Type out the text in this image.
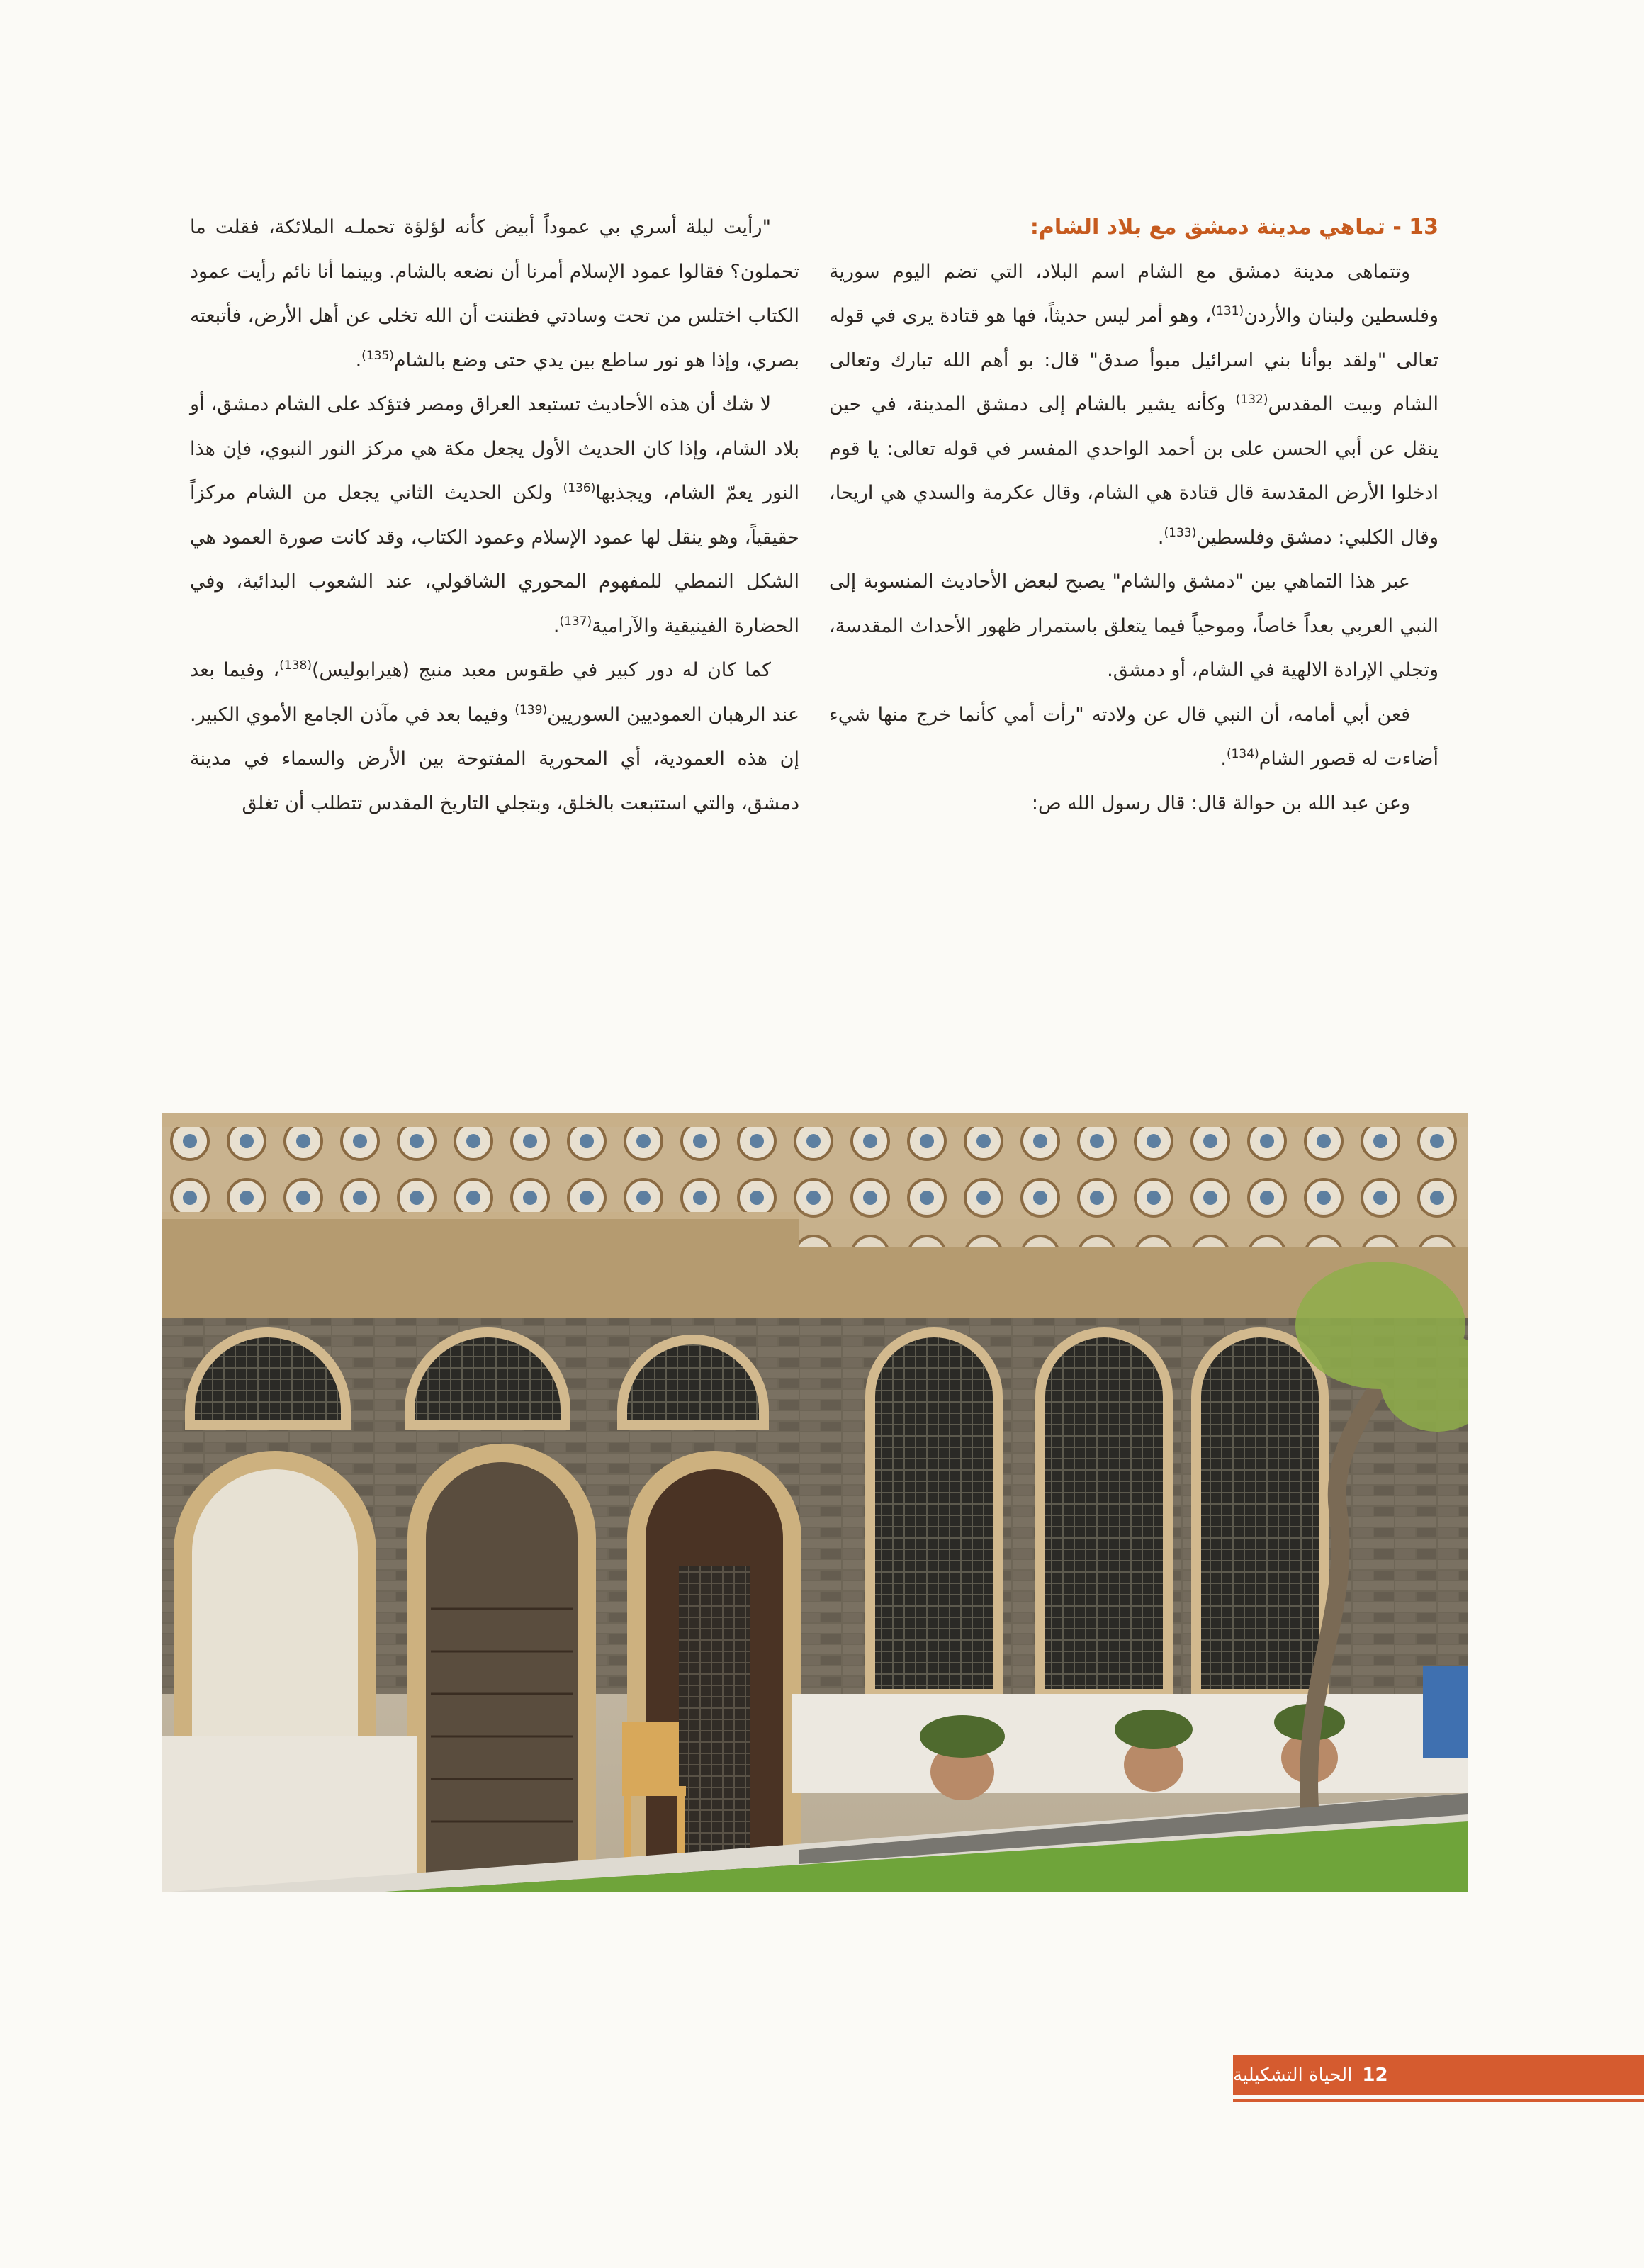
13 - تماهي مدينة دمشق مع بلاد الشام:

وتتماهى مدينة دمشق مع الشام اسم البلاد، التي تضم اليوم سورية وفلسطين ولبنان والأردن$^{(131)}$، وهو أمر ليس حديثاً، فها هو قتادة يرى في قوله تعالى "ولقد بوأنا بني اسرائيل مبوأ صدق" قال: بو أهم الله تبارك وتعالى الشام وبيت المقدس$^{(132)}$ وكأنه يشير بالشام إلى دمشق المدينة، في حين ينقل عن أبي الحسن على بن أحمد الواحدي المفسر في قوله تعالى: يا قوم ادخلوا الأرض المقدسة قال قتادة هي الشام، وقال عكرمة والسدي هي اريحا، وقال الكلبي: دمشق وفلسطين$^{(133)}$.

عبر هذا التماهي بين "دمشق والشام" يصبح لبعض الأحاديث المنسوبة إلى النبي العربي بعداً خاصاً، وموحياً فيما يتعلق باستمرار ظهور الأحداث المقدسة، وتجلي الإرادة الالهية في الشام، أو دمشق.

فعن أبي أمامه، أن النبي قال عن ولادته "رأت أمي كأنما خرج منها شيء أضاءت له قصور الشام$^{(134)}$.

وعن عبد الله بن حوالة قال: قال رسول الله ص:

"رأيت ليلة أسري بي عموداً أبيض كأنه لؤلؤة تحملـه الملائكة، فقلت ما تحملون؟ فقالوا عمود الإسلام أمرنا أن نضعه بالشام. وبينما أنا نائم رأيت عمود الكتاب اختلس من تحت وسادتي فظننت أن الله تخلى عن أهل الأرض، فأتبعته بصري، وإذا هو نور ساطع بين يدي حتى وضع بالشام$^{(135)}$.

لا شك أن هذه الأحاديث تستبعد العراق ومصر فتؤكد على الشام دمشق، أو بلاد الشام، وإذا كان الحديث الأول يجعل مكة هي مركز النور النبوي، فإن هذا النور يعمّ الشام، ويجذبها$^{(136)}$ ولكن الحديث الثاني يجعل من الشام مركزاً حقيقياً، وهو ينقل لها عمود الإسلام وعمود الكتاب، وقد كانت صورة العمود هي الشكل النمطي للمفهوم المحوري الشاقولي، عند الشعوب البدائية، وفي الحضارة الفينيقية والآرامية$^{(137)}$.

كما كان له دور كبير في طقوس معبد منبج (هيرابوليس)$^{(138)}$، وفيما بعد عند الرهبان العموديين السوريين$^{(139)}$ وفيما بعد في مآذن الجامع الأموي الكبير. إن هذه العمودية، أي المحورية المفتوحة بين الأرض والسماء في مدينة دمشق، والتي استتبعت بالخلق، وبتجلي التاريخ المقدس تتطلب أن تغلق

12
الحياة التشكيلية
